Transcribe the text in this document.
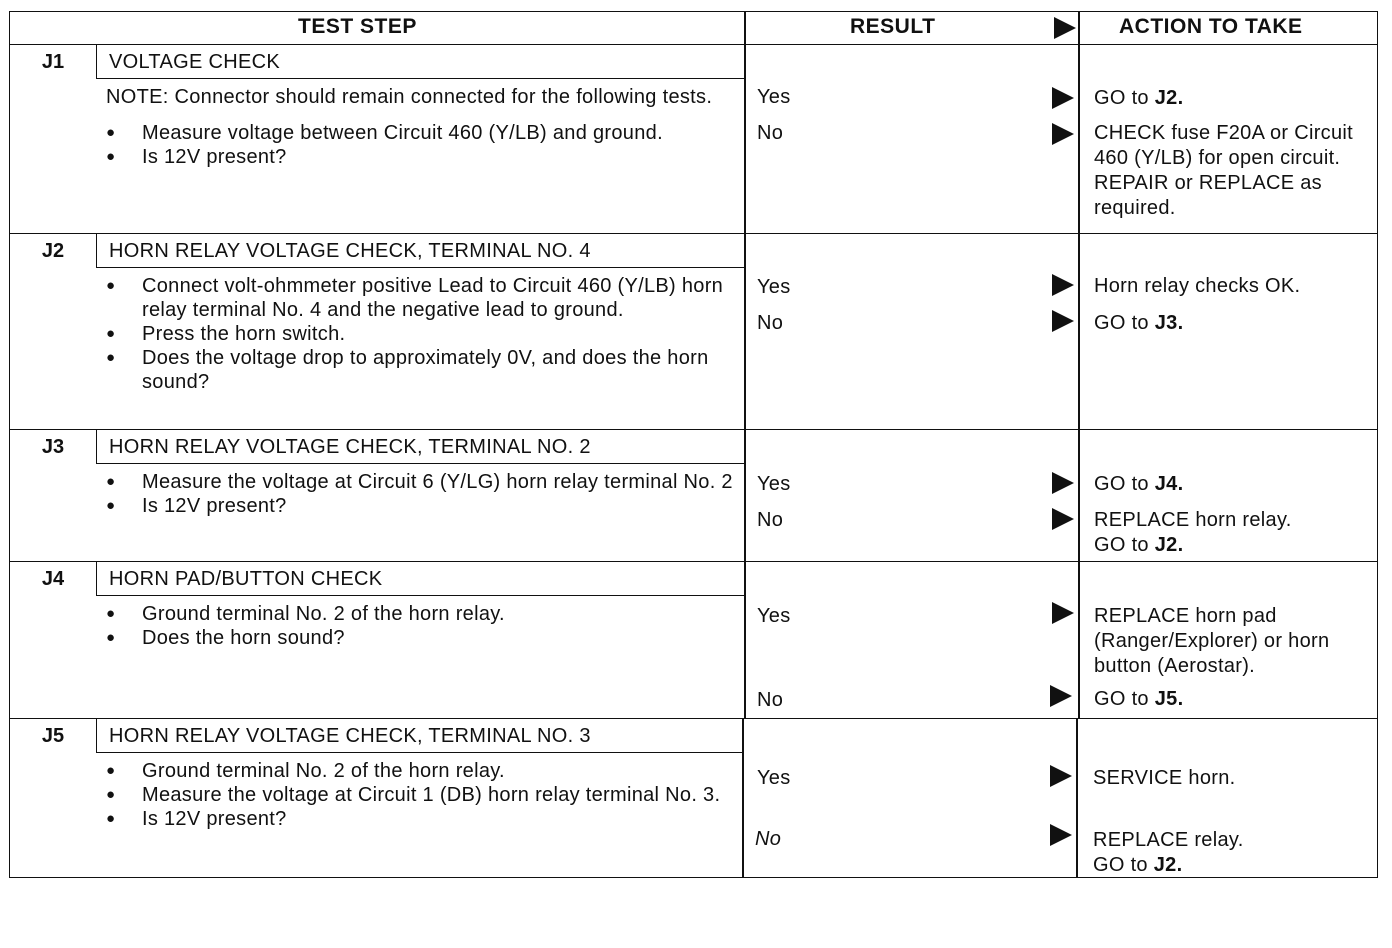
TEST STEP	RESULT	ACTION TO TAKE
J1	VOLTAGE CHECK

NOTE: Connector should remain connected for the following tests.

● Measure voltage between Circuit 460 (Y/LB) and ground.
● Is 12V present?
Yes	GO to J2.
No	CHECK fuse F20A or Circuit 460 (Y/LB) for open circuit. REPAIR or REPLACE as required.
J2	HORN RELAY VOLTAGE CHECK, TERMINAL NO. 4
● Connect volt-ohmmeter positive Lead to Circuit 460 (Y/LB) horn relay terminal No. 4 and the negative lead to ground.
● Press the horn switch.
● Does the voltage drop to approximately 0V, and does the horn sound?
Yes	Horn relay checks OK.
No	GO to J3.
J3	HORN RELAY VOLTAGE CHECK, TERMINAL NO. 2
● Measure the voltage at Circuit 6 (Y/LG) horn relay terminal No. 2
● Is 12V present?
Yes	GO to J4.
No	REPLACE horn relay.
GO to J2.
J4	HORN PAD/BUTTON CHECK
● Ground terminal No. 2 of the horn relay.
● Does the horn sound?
Yes	REPLACE horn pad (Ranger/Explorer) or horn button (Aerostar).
No	GO to J5.
J5	HORN RELAY VOLTAGE CHECK, TERMINAL NO. 3
● Ground terminal No. 2 of the horn relay.
● Measure the voltage at Circuit 1 (DB) horn relay terminal No. 3.
● Is 12V present?
Yes	SERVICE horn.
No	REPLACE relay.
GO to J2.
